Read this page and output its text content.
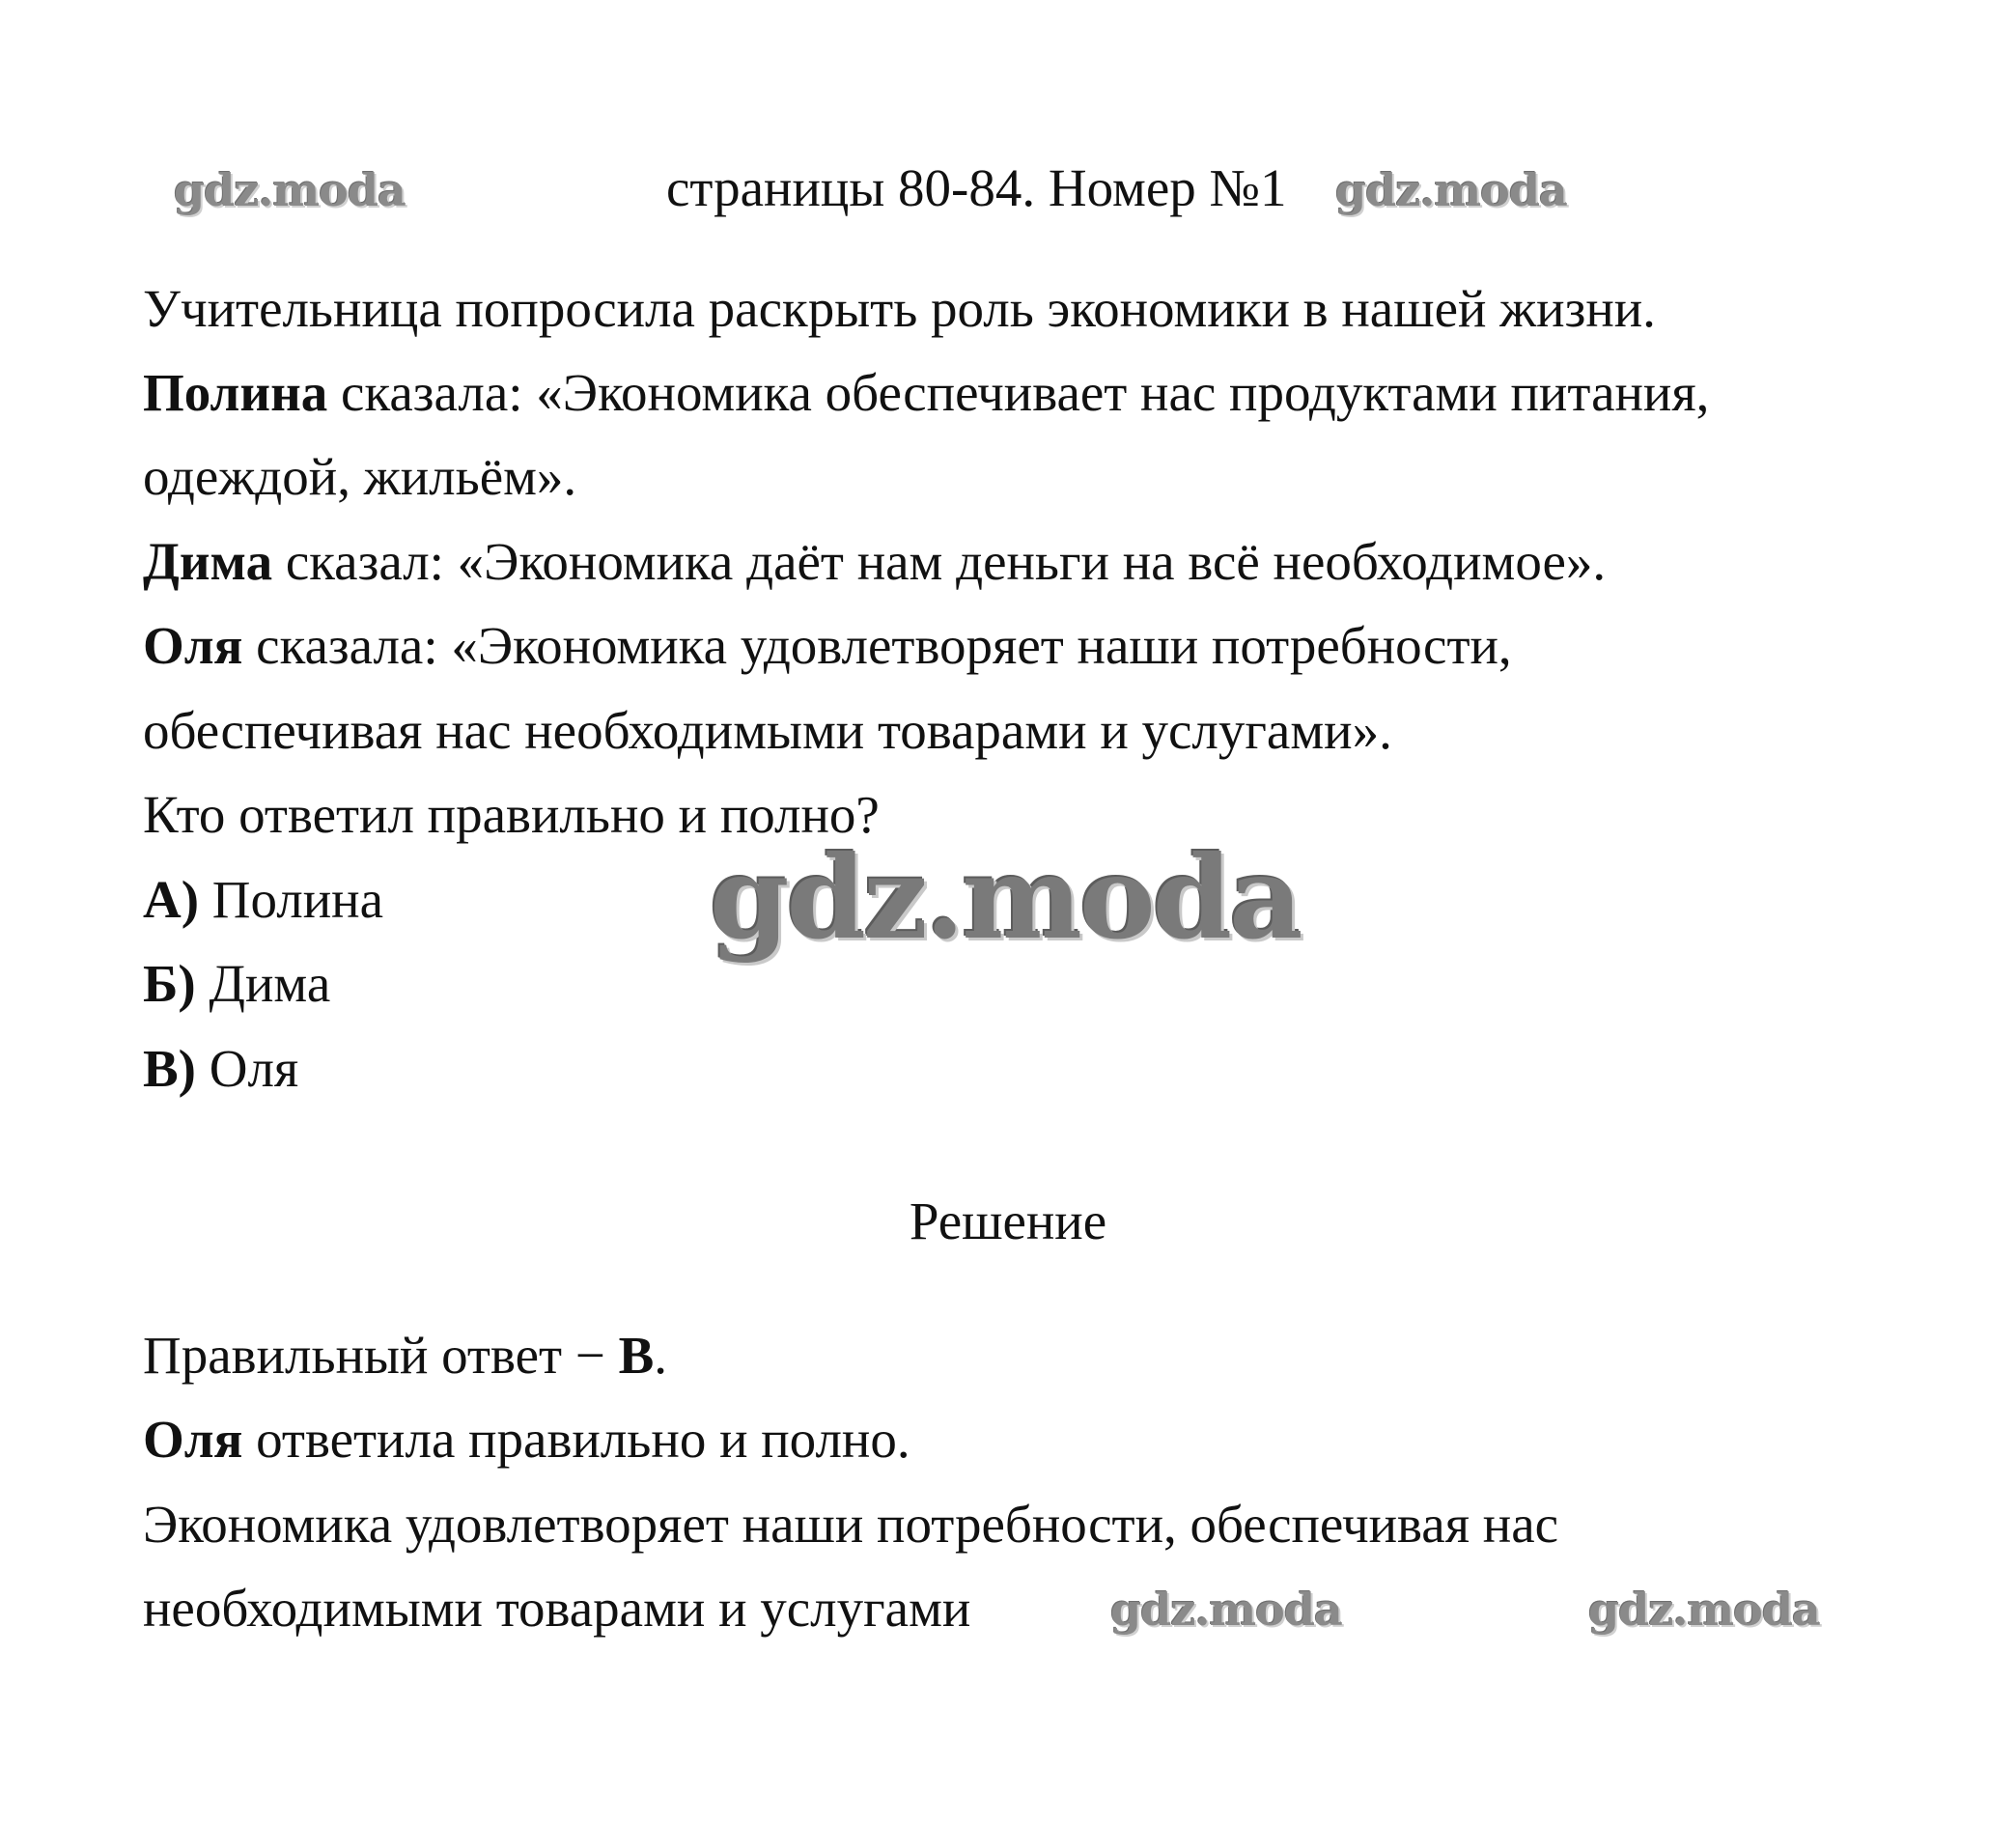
gdz.moda	страницы 80-84. Номер №1 gdz.moda
Учительница попросила раскрыть роль экономики в нашей жизни.
Полина сказала: «Экономика обеспечивает нас продуктами питания,
одеждой, жильём».
Дима сказал: «Экономика даёт нам деньги на всё необходимое».
Оля сказала: «Экономика удовлетворяет наши потребности,
обеспечивая нас необходимыми товарами и услугами».
Кто ответил правильно и полно?
А) Полина
Б) Дима
В) Оля
gdz.moda
Решение
Правильный ответ − В.
Оля ответила правильно и полно.
Экономика удовлетворяет наши потребности, обеспечивая нас
необходимыми товарами и услугами	gdz.moda	gdz.moda
